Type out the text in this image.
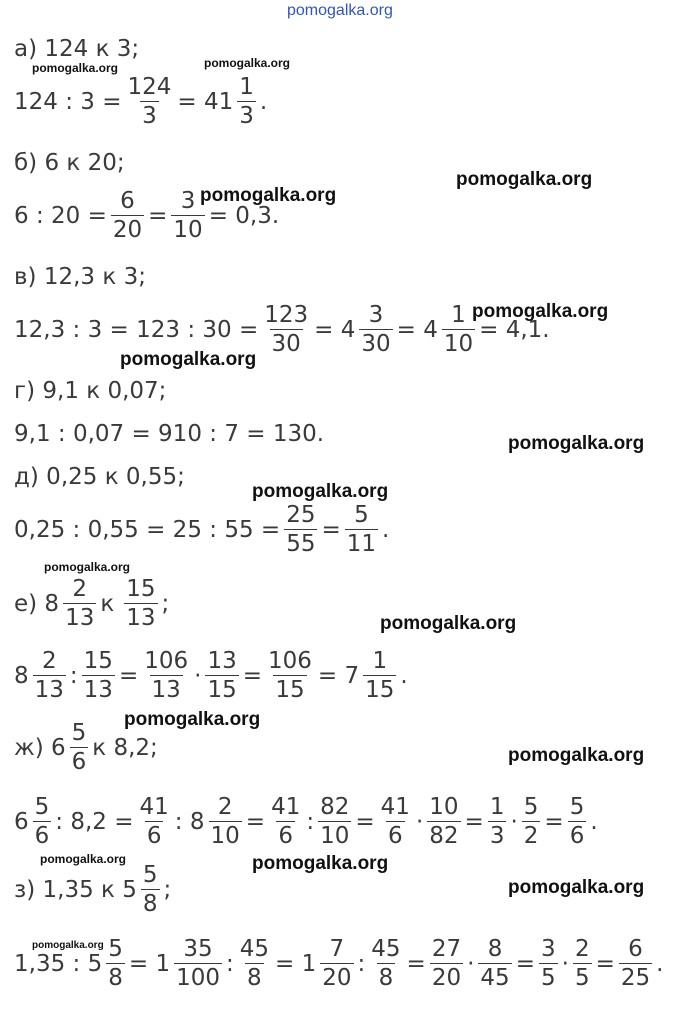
pomogalka.org
а) 124 к 3;
124 : $3 = \frac{124}{3} = 41 \frac{1}{3}$ .
б) 6 к 20;
6 : $20 = \frac{6}{20} = \frac{3}{10} = 0,3$.
в) 12,3 к 3;
12,3 : 3 = 123 : $30 = \frac{123}{30} = 4 \frac{3}{30} = 4 \frac{1}{10} = 4,1$.
г) 9,1 к 0,07;
9,1 : 0,07 = 910 : 7 = 130.
д) 0,25 к 0,55;
0,25 : 0,55 = 25 : $55 = \frac{25}{55} = \frac{5}{11}$ .
е) $8 \frac{2}{13}$ к $\frac{15}{13}$ ;
$8 \frac{2}{13}$ : $\frac{15}{13} = \frac{106}{13} \cdot \frac{13}{15} = \frac{106}{15} = 7 \frac{1}{15}$ .
ж) $6 \frac{5}{6}$ к 8,2;
$6 \frac{5}{6}$ : $8,2 = \frac{41}{6}$ : $8 \frac{2}{10} = \frac{41}{6}$ : $\frac{82}{10} = \frac{41}{6} \cdot \frac{10}{82} = \frac{1}{3} \cdot \frac{5}{2} = \frac{5}{6}$ .
з) 1,35 к $5 \frac{5}{8}$ ;
1,35 : $5 \frac{5}{8} = 1 \frac{35}{100}$ : $\frac{45}{8} = 1 \frac{7}{20}$ : $\frac{45}{8} = \frac{27}{20} \cdot \frac{8}{45} = \frac{3}{5} \cdot \frac{2}{5} = \frac{6}{25}$ .
pomogalka.org	pomogalka.org
pomogalka.org
pomogalka.org
pomogalka.org
pomogalka.org
pomogalka.org
pomogalka.org
pomogalka.org
pomogalka.org
pomogalka.org
pomogalka.org
pomogalka.org	pomogalka.org
pomogalka.org
pomogalka.org
